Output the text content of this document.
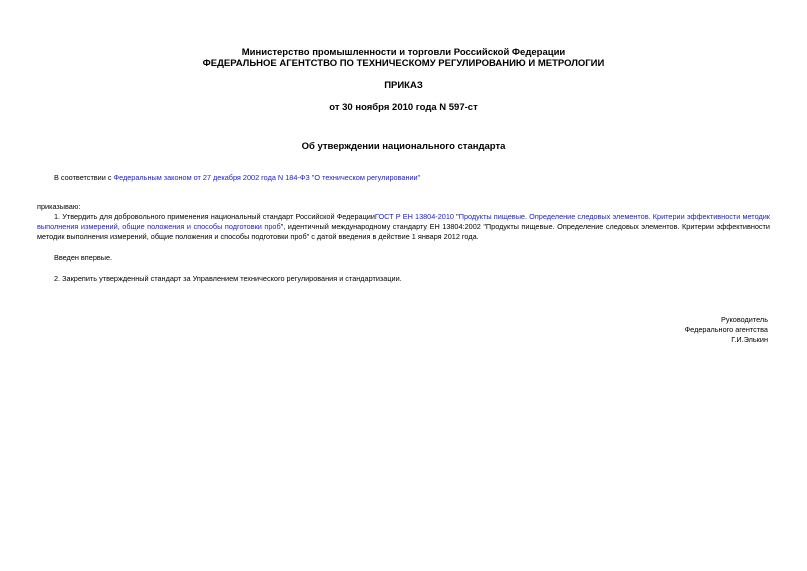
Министерство промышленности и торговли Российской Федерации
ФЕДЕРАЛЬНОЕ АГЕНТСТВО ПО ТЕХНИЧЕСКОМУ РЕГУЛИРОВАНИЮ И МЕТРОЛОГИИ
ПРИКАЗ
от 30 ноября 2010 года N 597-ст
Об утверждении национального стандарта
В соответствии с Федеральным законом от 27 декабря 2002 года N 184-ФЗ "О техническом регулировании"
приказываю:
1. Утвердить для добровольного применения национальный стандарт Российской ФедерацииГОСТ Р ЕН 13804-2010 "Продукты пищевые. Определение следовых элементов. Критерии эффективности методик
выполнения измерений, общие положения и способы подготовки проб", идентичный международному стандарту ЕН 13804:2002 "Продукты пищевые. Определение следовых элементов. Критерии эффективности
методик выполнения измерений, общие положения и способы подготовки проб" с датой введения в действие 1 января 2012 года.
Введен впервые.
2. Закрепить утвержденный стандарт за Управлением технического регулирования и стандартизации.
Руководитель
Федерального агентства
Г.И.Элькин
